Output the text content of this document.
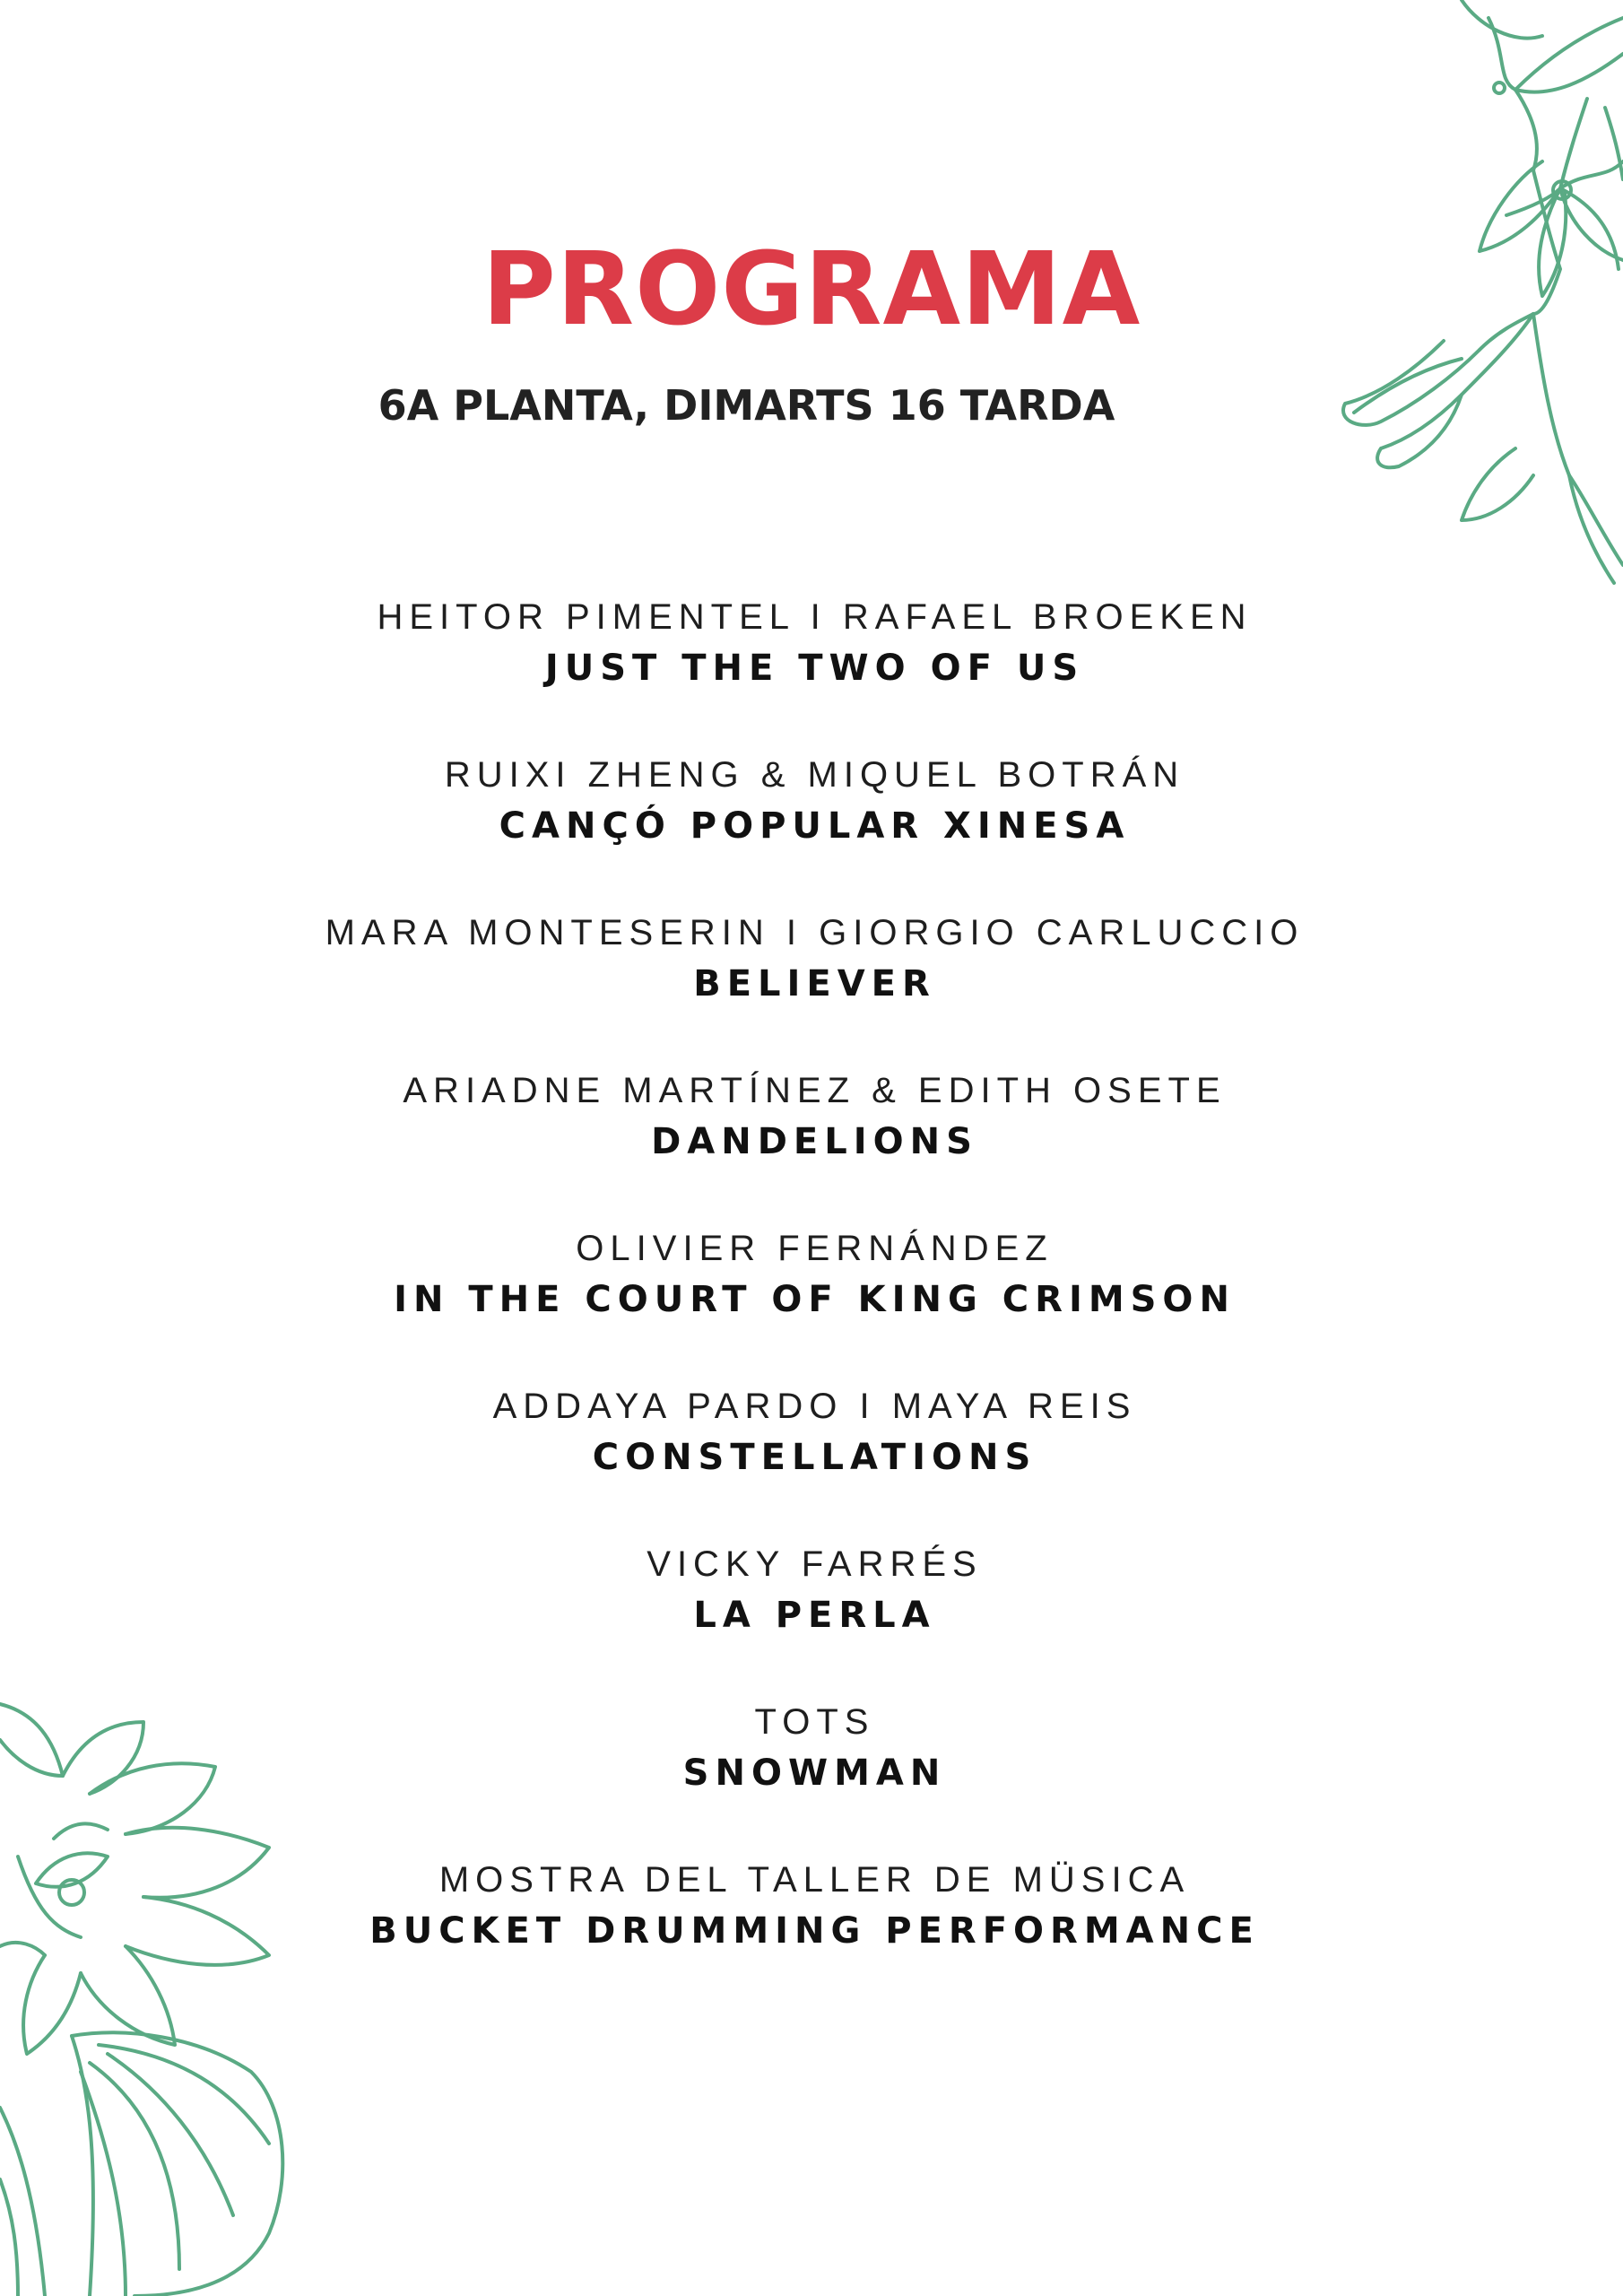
PROGRAMA
6A PLANTA, DIMARTS 16 TARDA
HEITOR PIMENTEL I RAFAEL BROEKEN
JUST THE TWO OF US
RUIXI ZHENG & MIQUEL BOTRÁN
CANÇÓ POPULAR XINESA
MARA MONTESERIN I GIORGIO CARLUCCIO
BELIEVER
ARIADNE MARTÍNEZ & EDITH OSETE
DANDELIONS
OLIVIER FERNÁNDEZ
IN THE COURT OF KING CRIMSON
ADDAYA PARDO I MAYA REIS
CONSTELLATIONS
VICKY FARRÉS
LA PERLA
TOTS
SNOWMAN
MOSTRA DEL TALLER DE MÜSICA
BUCKET DRUMMING PERFORMANCE
